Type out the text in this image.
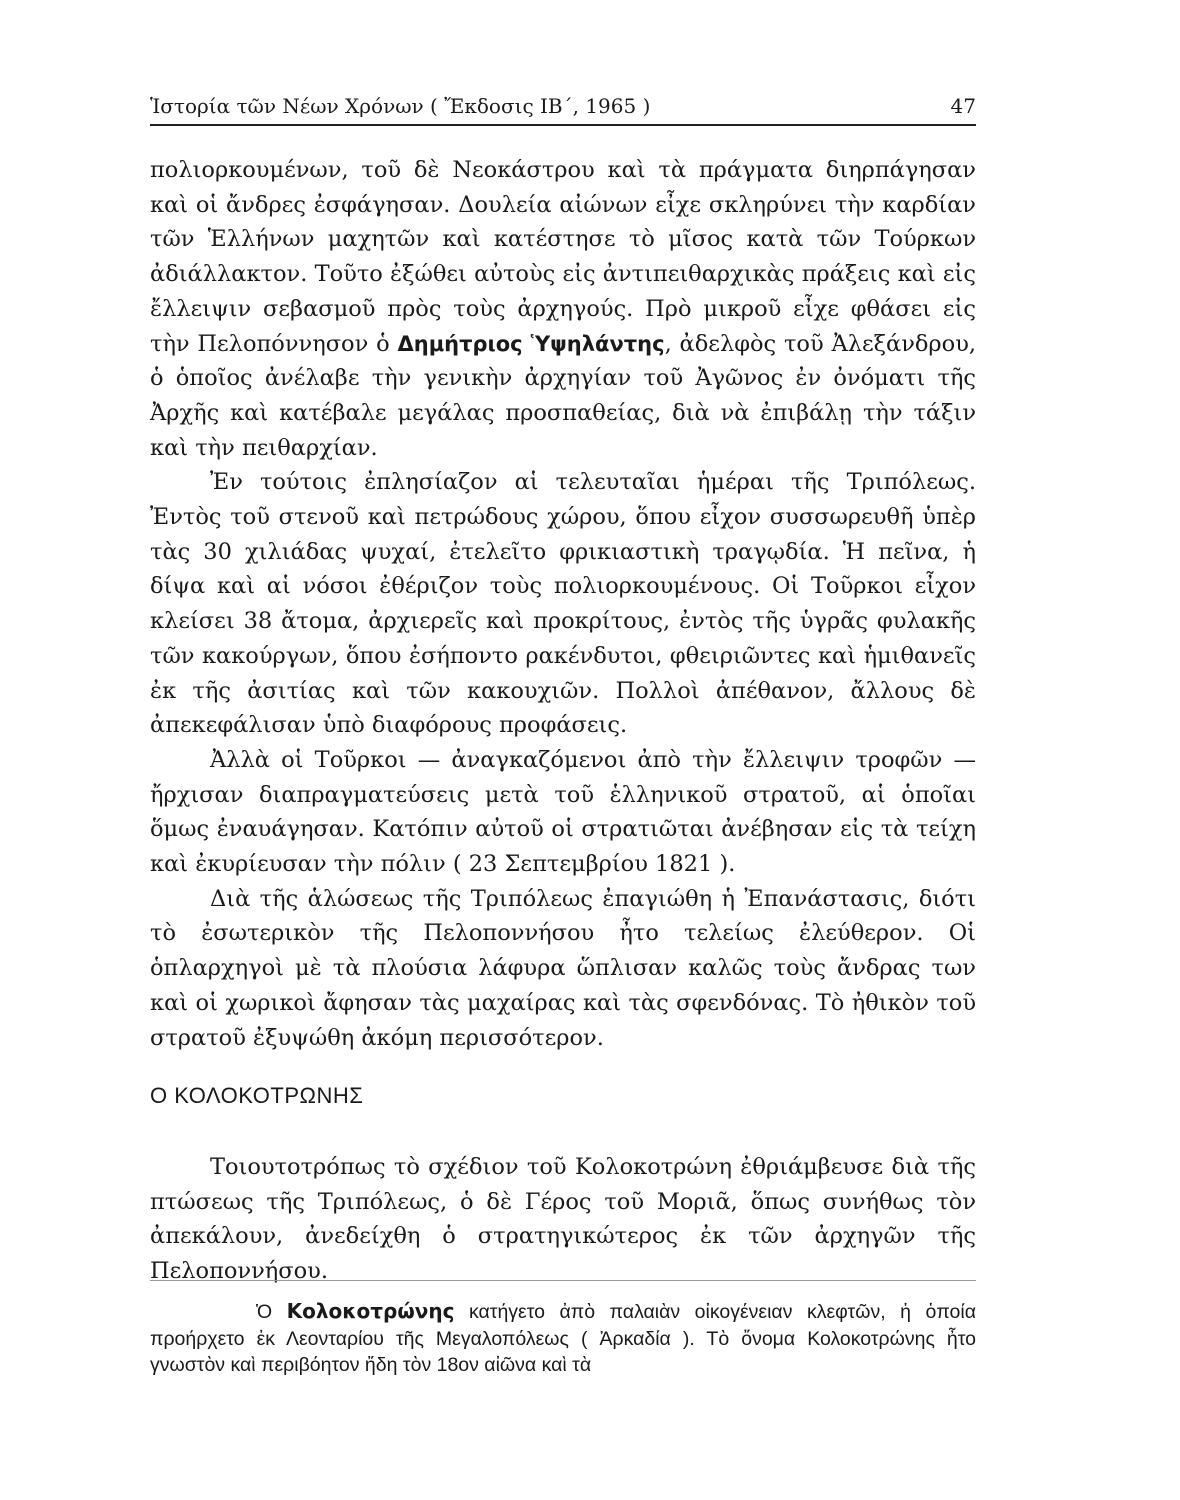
Ἱστορία τῶν Νέων Χρόνων ( Ἔκδοσις ΙΒ΄, 1965 )	47

πολιορκουμένων, τοῦ δὲ Νεοκάστρου καὶ τὰ πράγματα διηρπάγησαν καὶ οἱ ἄνδρες ἐσφάγησαν. Δουλεία αἰώνων εἶχε σκληρύνει τὴν καρδίαν τῶν Ἑλλήνων μαχητῶν καὶ κατέστησε τὸ μῖσος κατὰ τῶν Τούρκων ἀδιάλλακτον. Τοῦτο ἐξώθει αὐτοὺς εἰς ἀντιπειθαρχικὰς πράξεις καὶ εἰς ἔλλειψιν σεβασμοῦ πρὸς τοὺς ἀρχηγούς. Πρὸ μικροῦ εἶχε φθάσει εἰς τὴν Πελοπόννησον ὁ Δημήτριος Ὑψηλάντης, ἀδελφὸς τοῦ Ἀλεξάνδρου, ὁ ὁποῖος ἀνέλαβε τὴν γενικὴν ἀρχηγίαν τοῦ Ἀγῶνος ἐν ὀνόματι τῆς Ἀρχῆς καὶ κατέβαλε μεγάλας προσπαθείας, διὰ νὰ ἐπιβάλῃ τὴν τάξιν καὶ τὴν πειθαρχίαν.

Ἐν τούτοις ἐπλησίαζον αἱ τελευταῖαι ἡμέραι τῆς Τριπόλεως. Ἐντὸς τοῦ στενοῦ καὶ πετρώδους χώρου, ὅπου εἶχον συσσωρευθῆ ὑπὲρ τὰς 30 χιλιάδας ψυχαί, ἐτελεῖτο φρικιαστικὴ τραγῳδία. Ἡ πεῖνα, ἡ δίψα καὶ αἱ νόσοι ἐθέριζον τοὺς πολιορκουμένους. Οἱ Τοῦρκοι εἶχον κλείσει 38 ἄτομα, ἀρχιερεῖς καὶ προκρίτους, ἐντὸς τῆς ὑγρᾶς φυλακῆς τῶν κακούργων, ὅπου ἐσήποντο ρακένδυτοι, φθειριῶντες καὶ ἡμιθανεῖς ἐκ τῆς ἀσιτίας καὶ τῶν κακουχιῶν. Πολλοὶ ἀπέθανον, ἄλλους δὲ ἀπεκεφάλισαν ὑπὸ διαφόρους προφάσεις.

Ἀλλὰ οἱ Τοῦρκοι — ἀναγκαζόμενοι ἀπὸ τὴν ἔλλειψιν τροφῶν — ἤρχισαν διαπραγματεύσεις μετὰ τοῦ ἑλληνικοῦ στρατοῦ, αἱ ὁποῖαι ὅμως ἐναυάγησαν. Κατόπιν αὐτοῦ οἱ στρατιῶται ἀνέβησαν εἰς τὰ τείχη καὶ ἐκυρίευσαν τὴν πόλιν ( 23 Σεπτεμβρίου 1821 ).

Διὰ τῆς ἁλώσεως τῆς Τριπόλεως ἐπαγιώθη ἡ Ἐπανάστασις, διότι τὸ ἐσωτερικὸν τῆς Πελοποννήσου ἦτο τελείως ἐλεύθερον. Οἱ ὁπλαρχηγοὶ μὲ τὰ πλούσια λάφυρα ὥπλισαν καλῶς τοὺς ἄνδρας των καὶ οἱ χωρικοὶ ἄφησαν τὰς μαχαίρας καὶ τὰς σφενδόνας. Τὸ ἠθικὸν τοῦ στρατοῦ ἐξυψώθη ἀκόμη περισσότερον.

Ο ΚΟΛΟΚΟΤΡΩΝΗΣ

Τοιουτοτρόπως τὸ σχέδιον τοῦ Κολοκοτρώνη ἐθριάμβευσε διὰ τῆς πτώσεως τῆς Τριπόλεως, ὁ δὲ Γέρος τοῦ Μοριᾶ, ὅπως συνήθως τὸν ἀπεκάλουν, ἀνεδείχθη ὁ στρατηγικώτερος ἐκ τῶν ἀρχηγῶν τῆς Πελοποννήσου.

Ὁ Κολοκοτρώνης κατήγετο ἀπὸ παλαιὰν οἰκογένειαν κλεφτῶν, ἡ ὁποία προήρχετο ἐκ Λεονταρίου τῆς Μεγαλοπόλεως ( Ἀρκαδία ). Τὸ ὄνομα Κολοκοτρώνης ἦτο γνωστὸν καὶ περιβόητον ἤδη τὸν 18ον αἰῶνα καὶ τὰ
